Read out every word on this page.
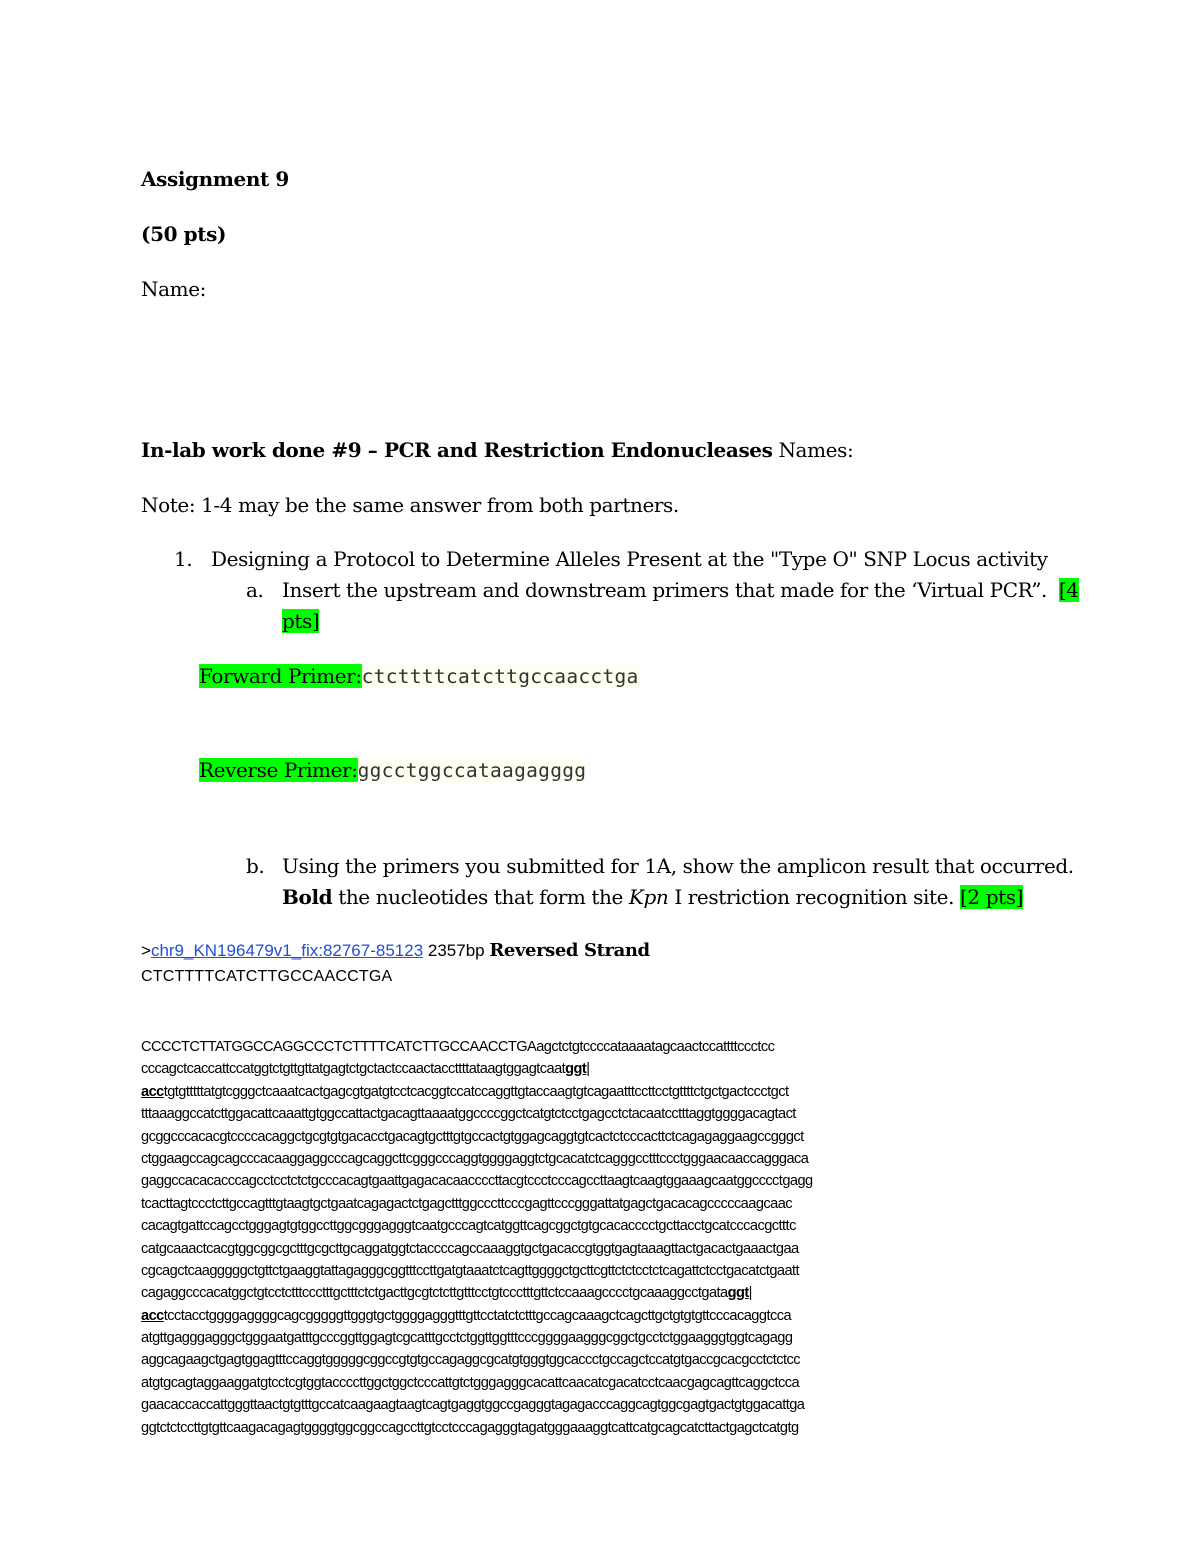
Assignment 9
(50 pts)
Name:
In-lab work done #9 – PCR and Restriction Endonucleases Names:
Note: 1-4 may be the same answer from both partners.
1. Designing a Protocol to Determine Alleles Present at the "Type O" SNP Locus activity
a. Insert the upstream and downstream primers that made for the ‘Virtual PCR”. [4
pts]
Forward Primer:ctcttttcatcttgccaacctga
Reverse Primer:ggcctggccataagagggg
b. Using the primers you submitted for 1A, show the amplicon result that occurred.
Bold the nucleotides that form the Kpn I restriction recognition site. [2 pts]
>chr9_KN196479v1_fix:82767-85123 2357bp Reversed Strand
CTCTTTTCATCTTGCCAACCTGA
CCCCTCTTATGGCCAGGCCCTCTTTTCATCTTGCCAACCTGAagctctgtccccataaaatagcaactccattttccctcc
cccagctcaccattccatggtctgttgttatgagtctgctactccaactaccttttataagtggagtcaatggt|
acctgtgtttttatgtcgggctcaaatcactgagcgtgatgtcctcacggtccatccaggttgtaccaagtgtcagaatttccttcctgttttctgctgactccctgct
tttaaaggccatcttggacattcaaattgtggccattactgacagttaaaatggccccggctcatgtctcctgagcctctacaatcctttaggtggggacagtact
gcggcccacacgtccccacaggctgcgtgtgacacctgacagtgctttgtgccactgtggagcaggtgtcactctcccacttctcagagaggaagccgggct
ctggaagccagcagcccacaaggaggcccagcaggcttcgggcccaggtggggaggtctgcacatctcagggcctttccctgggaacaaccagggaca
gaggccacacacccagcctcctctctgcccacagtgaattgagacacaaccccttacgtccctcccagccttaagtcaagtggaaagcaatggcccctgagg
tcacttagtccctcttgccagtttgtaagtgctgaatcagagactctgagctttggcccttcccgagttcccgggattatgagctgacacagcccccaagcaac
cacagtgattccagcctgggagtgtggccttggcgggagggtcaatgcccagtcatggttcagcggctgtgcacacccctgcttacctgcatcccacgctttc
catgcaaactcacgtggcggcgctttgcgcttgcaggatggtctaccccagccaaaggtgctgacaccgtggtgagtaaagttactgacactgaaactgaa
cgcagctcaagggggctgttctgaaggtattagagggcggtttccttgatgtaaatctcagttggggctgcttcgttctctcctctcagattctcctgacatctgaatt
cagaggcccacatggctgtcctctttccctttgctttctctgacttgcgtctcttgtttcctgtccctttgttctccaaagcccctgcaaaggcctgataggt|
acctcctacctggggaggggcagcgggggttgggtgctggggagggtttgttcctatctctttgccagcaaagctcagcttgctgtgtgttcccacaggtcca
atgttgagggagggctgggaatgatttgcccggttggagtcgcatttgcctctggttggtttcccggggaagggcggctgcctctggaagggtggtcagagg
aggcagaagctgagtggagtttccaggtgggggcggccgtgtgccagaggcgcatgtgggtggcaccctgccagctccatgtgaccgcacgcctctctcc
atgtgcagtaggaaggatgtcctcgtggtaccccttggctggctcccattgtctgggagggcacattcaacatcgacatcctcaacgagcagttcaggctcca
gaacaccaccattgggttaactgtgtttgccatcaagaagtaagtcagtgaggtggccgagggtagagacccaggcagtggcgagtgactgtggacattga
ggtctctccttgtgttcaagacagagtggggtggcggccagccttgtcctcccagagggtagatgggaaaggtcattcatgcagcatcttactgagctcatgtg
